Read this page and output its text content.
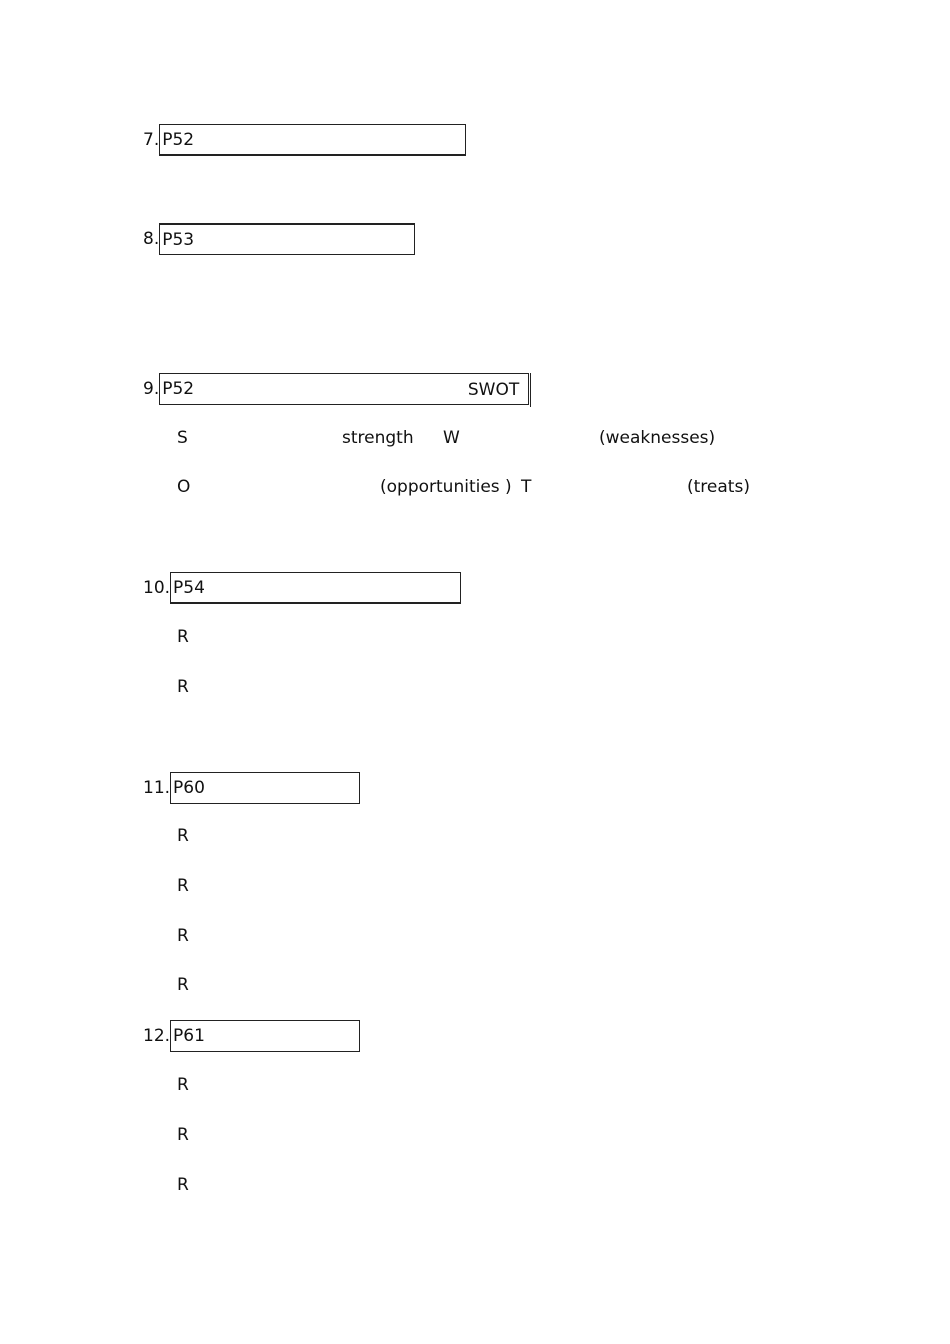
7. P52
8. P53
9. P52	SWOT
S	strength W	(weaknesses)
O	(opportunities ) T	(treats)
10. P54
R
R
11. P60
R
R
R
R
12. P61
R
R
R
